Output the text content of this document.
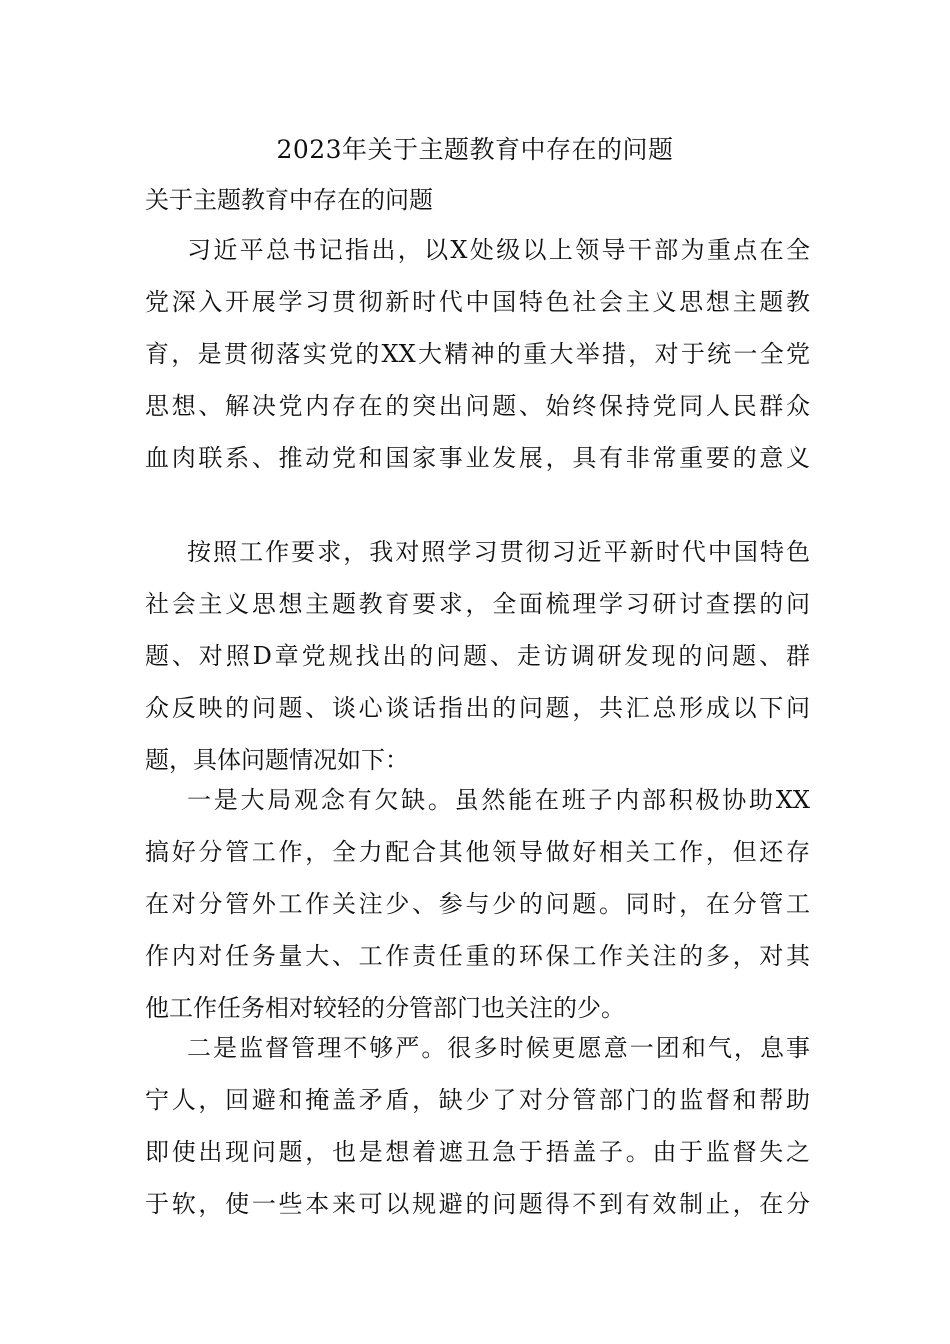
2023年关于主题教育中存在的问题
关于主题教育中存在的问题
习近平总书记指出，以X处级以上领导干部为重点在全
党深入开展学习贯彻新时代中国特色社会主义思想主题教
育，是贯彻落实党的XX大精神的重大举措，对于统一全党
思想、解决党内存在的突出问题、始终保持党同人民群众
血肉联系、推动党和国家事业发展，具有非常重要的意义
按照工作要求，我对照学习贯彻习近平新时代中国特色
社会主义思想主题教育要求，全面梳理学习研讨查摆的问
题、对照D章党规找出的问题、走访调研发现的问题、群
众反映的问题、谈心谈话指出的问题，共汇总形成以下问
题，具体问题情况如下：
一是大局观念有欠缺。虽然能在班子内部积极协助XX
搞好分管工作，全力配合其他领导做好相关工作，但还存
在对分管外工作关注少、参与少的问题。同时，在分管工
作内对任务量大、工作责任重的环保工作关注的多，对其
他工作任务相对较轻的分管部门也关注的少。
二是监督管理不够严。很多时候更愿意一团和气，息事
宁人，回避和掩盖矛盾，缺少了对分管部门的监督和帮助
即使出现问题，也是想着遮丑急于捂盖子。由于监督失之
于软，使一些本来可以规避的问题得不到有效制止，在分
